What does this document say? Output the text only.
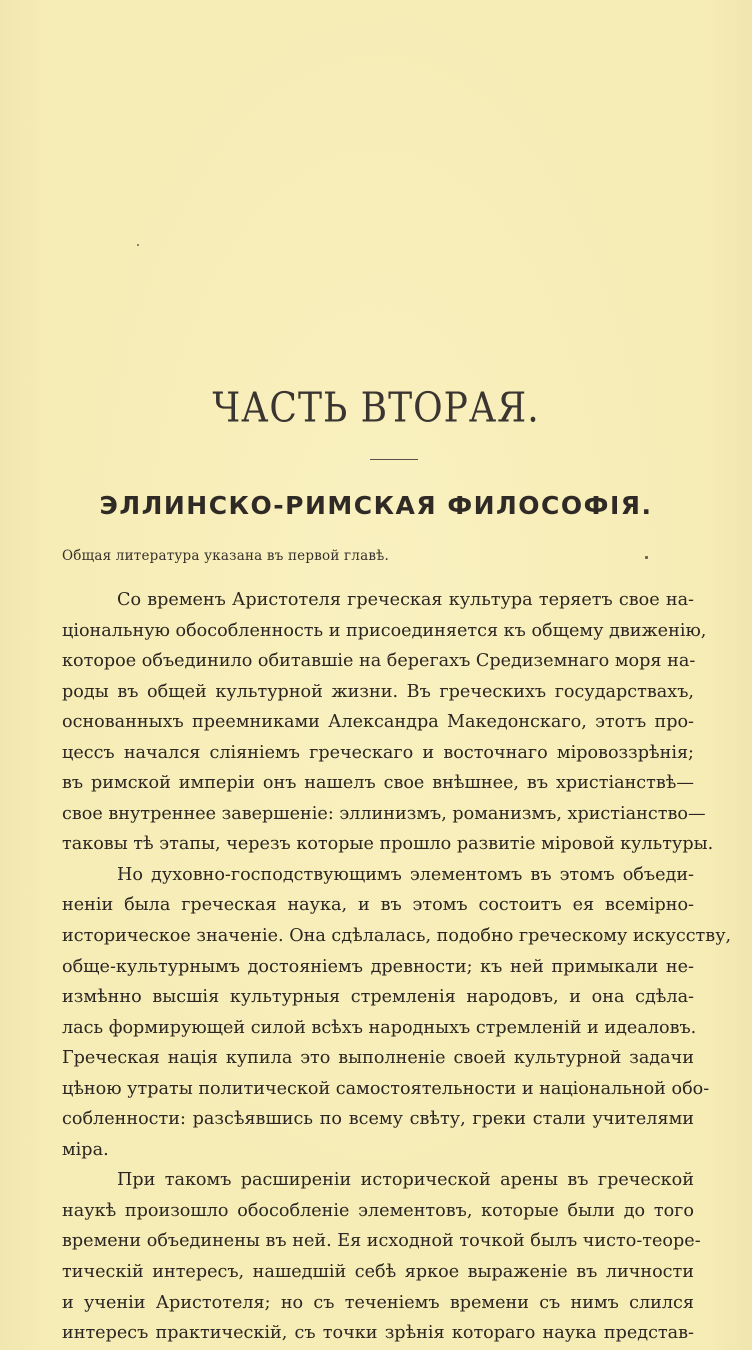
ЧАСТЬ ВТОРАЯ.
ЭЛЛИНСКО-РИМСКАЯ ФИЛОСОФІЯ.

Общая литература указана въ первой главѣ.

Со временъ Аристотеля греческая культура теряетъ свое на-
ціональную обособленность и присоединяется къ общему движенію,
которое объединило обитавшіе на берегахъ Средиземнаго моря на-
роды въ общей культурной жизни. Въ греческихъ государствахъ,
основанныхъ преемниками Александра Македонскаго, этотъ про-
цессъ начался сліяніемъ греческаго и восточнаго міровоззрѣнія;
въ римской имперіи онъ нашелъ свое внѣшнее, въ христіанствѣ—
свое внутреннее завершеніе: эллинизмъ, романизмъ, христіанство—
таковы тѣ этапы, черезъ которые прошло развитіе міровой культуры.
Но духовно-господствующимъ элементомъ въ этомъ объеди-
неніи была греческая наука, и въ этомъ состоитъ ея всемірно-
историческое значеніе. Она сдѣлалась, подобно греческому искусству,
обще-культурнымъ достояніемъ древности; къ ней примыкали не-
измѣнно высшія культурныя стремленія народовъ, и она сдѣла-
лась формирующей силой всѣхъ народныхъ стремленій и идеаловъ.
Греческая нація купила это выполненіе своей культурной задачи
цѣною утраты политической самостоятельности и національной обо-
собленности: разсѣявшись по всему свѣту, греки стали учителями
міра.
При такомъ расширеніи исторической арены въ греческой
наукѣ произошло обособленіе элементовъ, которые были до того
времени объединены въ ней. Ея исходной точкой былъ чисто-теоре-
тическій интересъ, нашедшій себѣ яркое выраженіе въ личности
и ученіи Аристотеля; но съ теченіемъ времени съ нимъ слился
интересъ практическій, съ точки зрѣнія котораго наука представ-
